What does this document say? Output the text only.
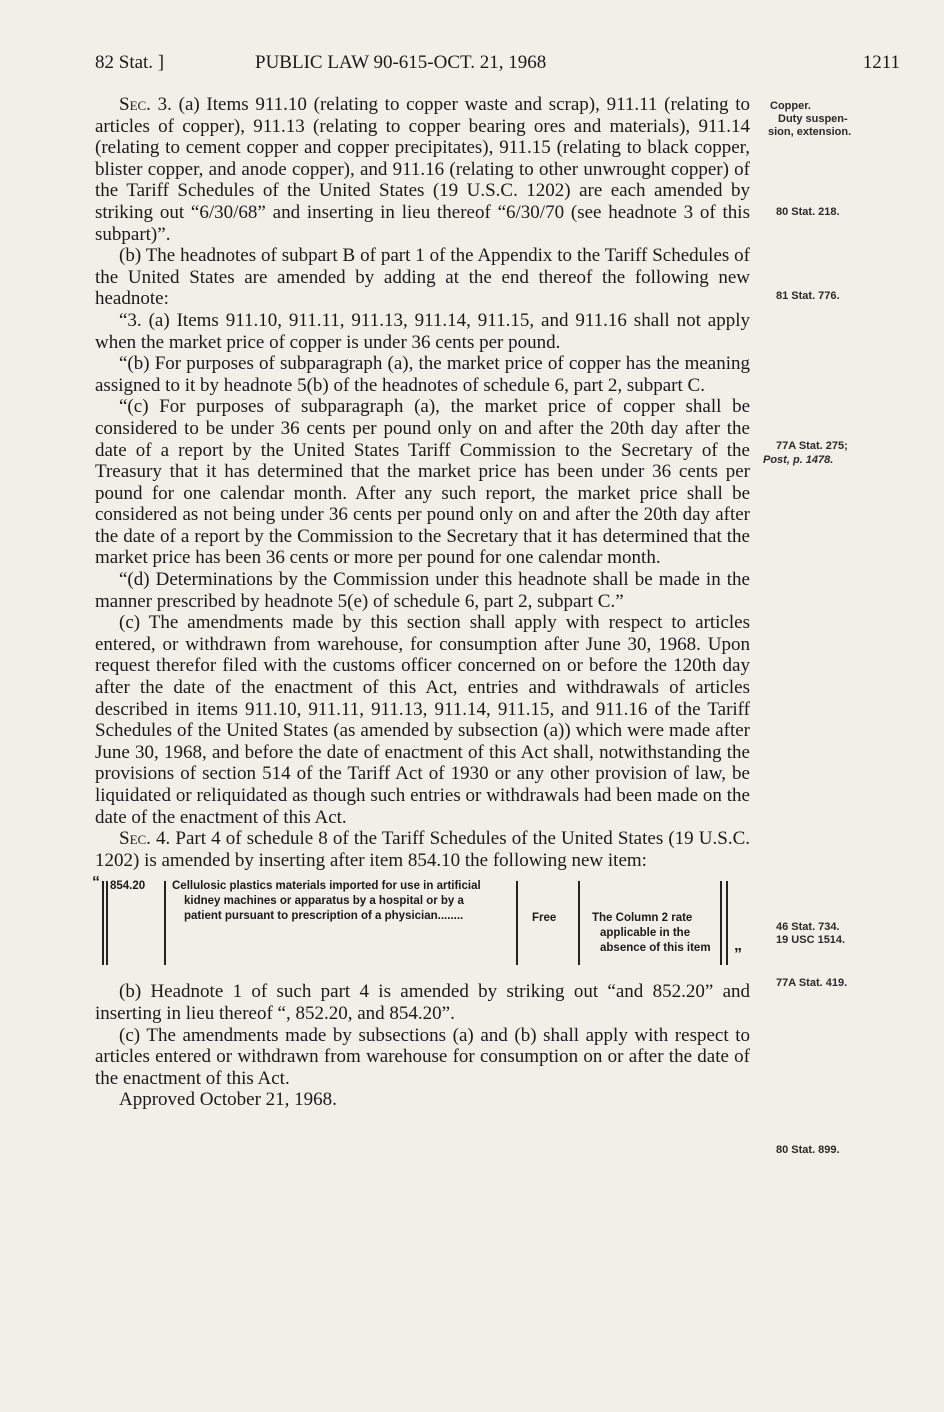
82 Stat. ]	PUBLIC LAW 90-615-OCT. 21, 1968	1211

Sec. 3. (a) Items 911.10 (relating to copper waste and scrap), 911.11 (relating to articles of copper), 911.13 (relating to copper bearing ores and materials), 911.14 (relating to cement copper and copper precipitates), 911.15 (relating to black copper, blister copper, and anode copper), and 911.16 (relating to other unwrought copper) of the Tariff Schedules of the United States (19 U.S.C. 1202) are each amended by striking out “6/30/68” and inserting in lieu thereof “6/30/70 (see headnote 3 of this subpart)”.

(b) The headnotes of subpart B of part 1 of the Appendix to the Tariff Schedules of the United States are amended by adding at the end thereof the following new headnote:

“3. (a) Items 911.10, 911.11, 911.13, 911.14, 911.15, and 911.16 shall not apply when the market price of copper is under 36 cents per pound.

“(b) For purposes of subparagraph (a), the market price of copper has the meaning assigned to it by headnote 5(b) of the headnotes of schedule 6, part 2, subpart C.

“(c) For purposes of subparagraph (a), the market price of copper shall be considered to be under 36 cents per pound only on and after the 20th day after the date of a report by the United States Tariff Commission to the Secretary of the Treasury that it has determined that the market price has been under 36 cents per pound for one calendar month. After any such report, the market price shall be considered as not being under 36 cents per pound only on and after the 20th day after the date of a report by the Commission to the Secretary that it has determined that the market price has been 36 cents or more per pound for one calendar month.

“(d) Determinations by the Commission under this headnote shall be made in the manner prescribed by headnote 5(e) of schedule 6, part 2, subpart C.”

(c) The amendments made by this section shall apply with respect to articles entered, or withdrawn from warehouse, for consumption after June 30, 1968. Upon request therefor filed with the customs officer concerned on or before the 120th day after the date of the enactment of this Act, entries and withdrawals of articles described in items 911.10, 911.11, 911.13, 911.14, 911.15, and 911.16 of the Tariff Schedules of the United States (as amended by subsection (a)) which were made after June 30, 1968, and before the date of enactment of this Act shall, notwithstanding the provisions of section 514 of the Tariff Act of 1930 or any other provision of law, be liquidated or reliquidated as though such entries or withdrawals had been made on the date of the enactment of this Act.

Sec. 4. Part 4 of schedule 8 of the Tariff Schedules of the United States (19 U.S.C. 1202) is amended by inserting after item 854.10 the following new item:

“ 854.20 Cellulosic plastics materials imported for use in artificial
kidney machines or apparatus by a hospital or by a
patient pursuant to prescription of a physician........	Free	The Column 2 rate
applicable in the
absence of this item	”

(b) Headnote 1 of such part 4 is amended by striking out “and 852.20” and inserting in lieu thereof “, 852.20, and 854.20”.

(c) The amendments made by subsections (a) and (b) shall apply with respect to articles entered or withdrawn from warehouse for consumption on or after the date of the enactment of this Act.

Approved October 21, 1968.

Copper.
Duty suspen-
sion, extension.
80 Stat. 218.
81 Stat. 776.
77A Stat. 275;
Post, p. 1478.
46 Stat. 734.
19 USC 1514.
77A Stat. 419.
80 Stat. 899.
